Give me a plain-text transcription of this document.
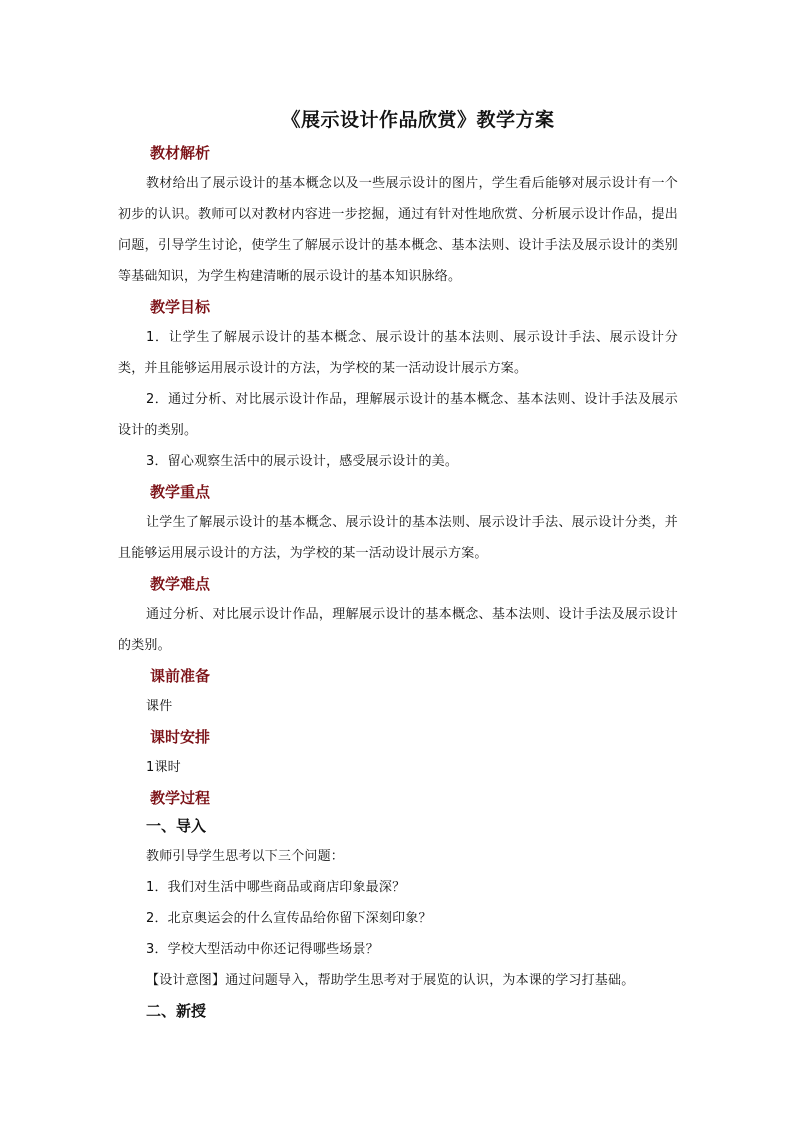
《展示设计作品欣赏》教学方案
教材解析

教材给出了展示设计的基本概念以及一些展示设计的图片，学生看后能够对展示设计有一个初步的认识。教师可以对教材内容进一步挖掘，通过有针对性地欣赏、分析展示设计作品，提出问题，引导学生讨论，使学生了解展示设计的基本概念、基本法则、设计手法及展示设计的类别等基础知识，为学生构建清晰的展示设计的基本知识脉络。

教学目标

1．让学生了解展示设计的基本概念、展示设计的基本法则、展示设计手法、展示设计分类，并且能够运用展示设计的方法，为学校的某一活动设计展示方案。

2．通过分析、对比展示设计作品，理解展示设计的基本概念、基本法则、设计手法及展示设计的类别。

3．留心观察生活中的展示设计，感受展示设计的美。

教学重点

让学生了解展示设计的基本概念、展示设计的基本法则、展示设计手法、展示设计分类，并且能够运用展示设计的方法，为学校的某一活动设计展示方案。

教学难点

通过分析、对比展示设计作品，理解展示设计的基本概念、基本法则、设计手法及展示设计的类别。

课前准备

课件

课时安排

1课时

教学过程
一、导入

教师引导学生思考以下三个问题：

1．我们对生活中哪些商品或商店印象最深？

2．北京奥运会的什么宣传品给你留下深刻印象？

3．学校大型活动中你还记得哪些场景？

【设计意图】通过问题导入，帮助学生思考对于展览的认识，为本课的学习打基础。

二、新授
